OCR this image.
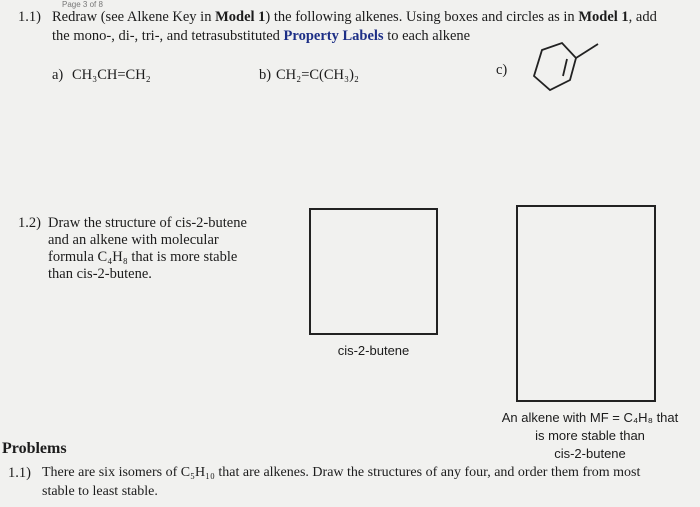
Page 3 of 8
1.1) Redraw (see Alkene Key in Model 1) the following alkenes. Using boxes and circles as in Model 1, add
the mono-, di-, tri-, and tetrasubstituted Property Labels to each alkene
a) CH₃CH=CH₂	b) CH₂=C(CH₃)₂	c)
1.2) Draw the structure of cis-2-butene
and an alkene with molecular
formula C₄H₈ that is more stable
than cis-2-butene.
cis-2-butene
An alkene with MF = C₄H₈ that
is more stable than
cis-2-butene
Problems
1.1) There are six isomers of C₅H₁₀ that are alkenes. Draw the structures of any four, and order them from most
stable to least stable.
